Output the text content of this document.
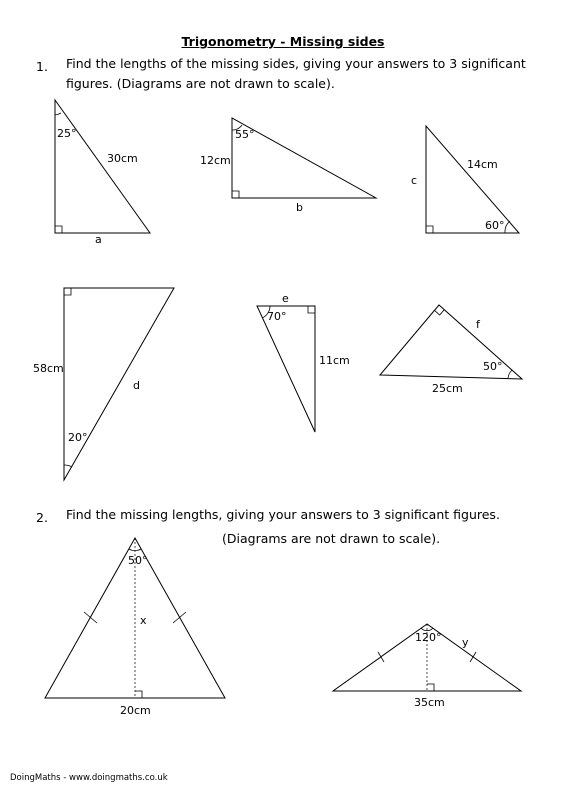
Trigonometry - Missing sides
1. Find the lengths of the missing sides, giving your answers to 3 significant
figures. (Diagrams are not drawn to scale).
2. Find the missing lengths, giving your answers to 3 significant figures.
(Diagrams are not drawn to scale).
25°
30cm
a
55°
12cm
b
c
14cm
60°
58cm
d
20°
e
70°
11cm
f
50°
25cm
50°
x
20cm
120° y
35cm
DoingMaths - www.doingmaths.co.uk
